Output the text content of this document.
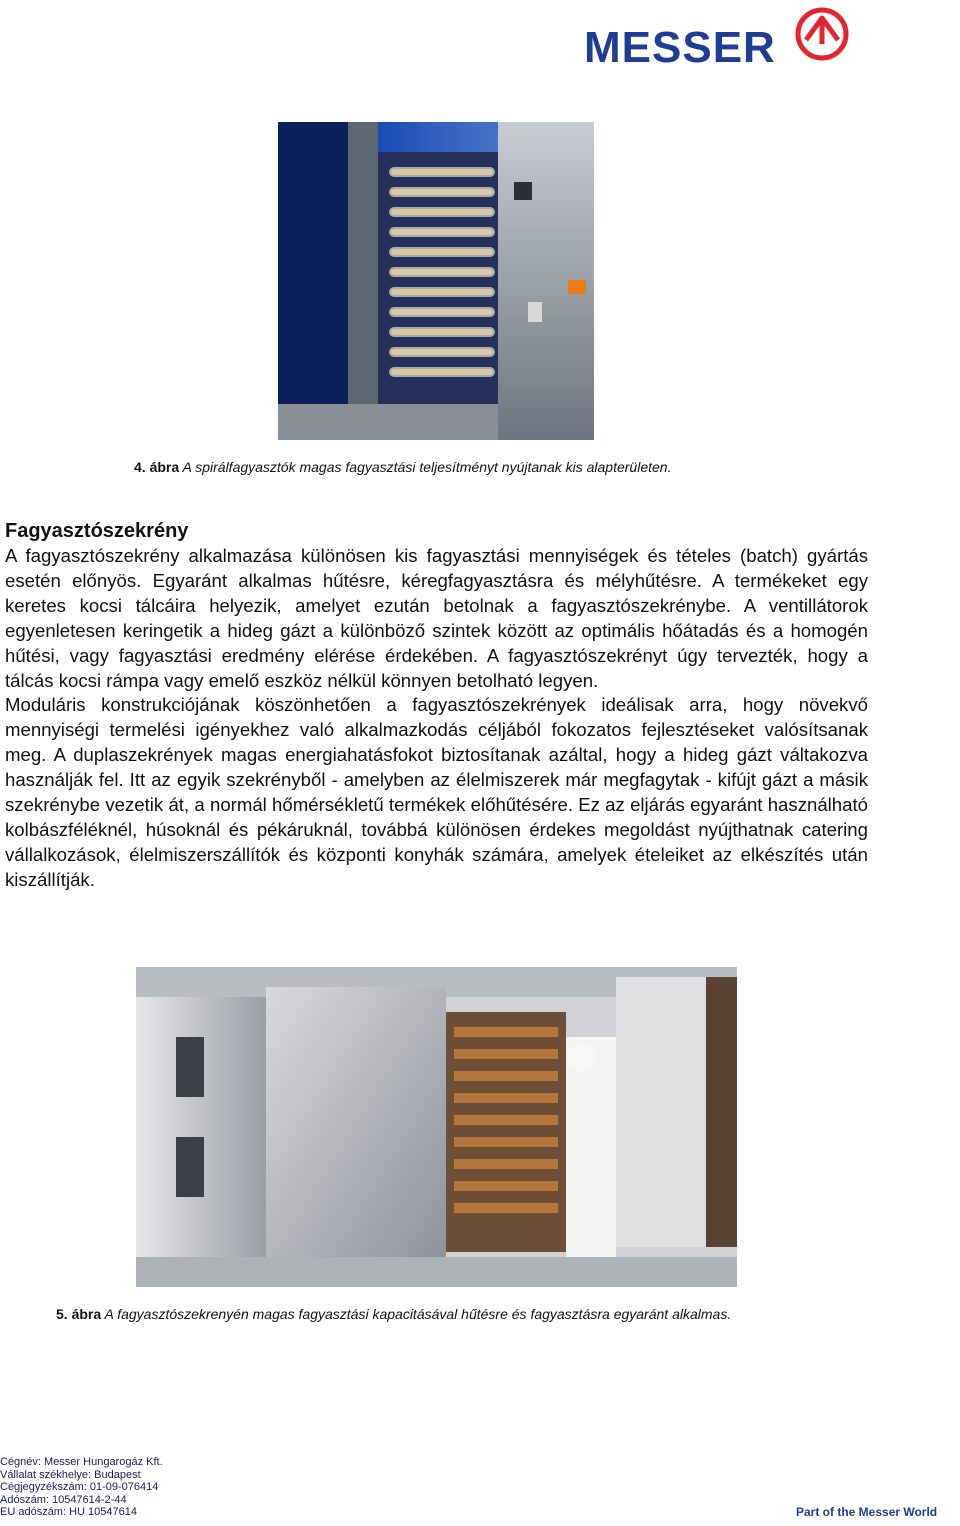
MESSER
4. ábra A spirálfagyasztók magas fagyasztási teljesítményt nyújtanak kis alapterületen.
Fagyasztószekrény

A fagyasztószekrény alkalmazása különösen kis fagyasztási mennyiségek és tételes (batch) gyártás esetén előnyös. Egyaránt alkalmas hűtésre, kéregfagyasztásra és mélyhűtésre. A termékeket egy keretes kocsi tálcáira helyezik, amelyet ezután betolnak a fagyasztószekrénybe. A ventillátorok egyenletesen keringetik a hideg gázt a különböző szintek között az optimális hőátadás és a homogén hűtési, vagy fagyasztási eredmény elérése érdekében. A fagyasztószekrényt úgy tervezték, hogy a tálcás kocsi rámpa vagy emelő eszköz nélkül könnyen betolható legyen.

Moduláris konstrukciójának köszönhetően a fagyasztószekrények ideálisak arra, hogy növekvő mennyiségi termelési igényekhez való alkalmazkodás céljából fokozatos fejlesztéseket valósítsanak meg. A duplaszekrények magas energiahatásfokot biztosítanak azáltal, hogy a hideg gázt váltakozva használják fel. Itt az egyik szekrényből - amelyben az élelmiszerek már megfagytak - kifújt gázt a másik szekrénybe vezetik át, a normál hőmérsékletű termékek előhűtésére. Ez az eljárás egyaránt használható kolbászféléknél, húsoknál és pékáruknál, továbbá különösen érdekes megoldást nyújthatnak catering vállalkozások, élelmiszerszállítók és központi konyhák számára, amelyek ételeiket az elkészítés után kiszállítják.

5. ábra A fagyasztószekrenyén magas fagyasztási kapacitásával hűtésre és fagyasztásra egyaránt alkalmas.
Cégnév: Messer Hungarogáz Kft.
Vállalat székhelye: Budapest
Cégjegyzékszám: 01-09-076414
Adószám: 10547614-2-44
EU adószám: HU 10547614	Part of the Messer World
